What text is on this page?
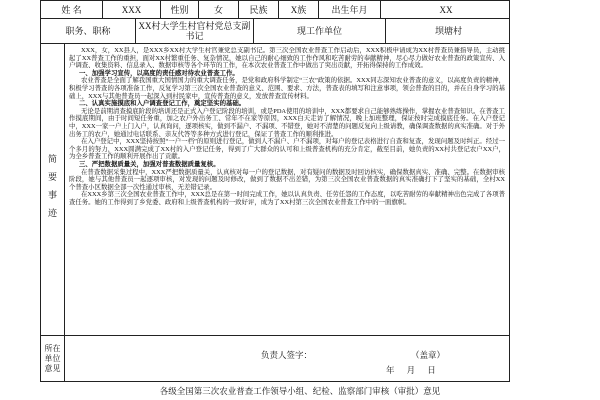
姓 名	XXX	性别	女	民族	X族	出生年月	XX
职务、职称	XX村大学生村官村党总支副书记	现工作单位	坝塘村
简要事迹

XXX，女，XX县人，是XXX乡XX村大学生村官兼党总支副书记。第三次全国农业普查工作启动后，XXX积极申请成为XX村普查员兼指导员，主动挑起了XX普查工作的重担，面对XX村繁重任务、复杂情况，她以自己的耐心细致的工作作风和吃苦耐劳的奉献精神，尽心尽力做好农业普查的政策宣传、入户调查、收集资料、信息录入、数据审核等各个环节的工作，在本次农业普查工作中做出了突出贡献，开拓得保持的工作成效。

一、加强学习宣传，以高度的责任感对待农业普查工作。

农业普查是全面了解我国重大国情国力的重大调查任务，是党和政府科学制定“三农”政策的依据。XXX同志深知农业普查的意义，以高度负责的精神，积极学习普查的各项准备工作，反复学习第三次全国农业普查的意义、范围、要求、方法，普查表的填写和注意事项，领会普查的目的，并在自身学习的基础上，XXX与其他普查员一起深入到村民家中，宣传普查的意义，发放普查宣传材料。

二、认真实施摸底和入户调查登记工作，奠定坚实的基础。

无论是前期清查摸底阶段的培训还是正式入户登记阶段的培训，或是PDA使用的培训中，XXX都要求自己能够熟练操作，掌握农业普查知识。在普查工作摸底期间，由于时间短任务重，加之农户外出务工、常年不在家等原因，XXX白天走访了解情况，晚上加班整理，保证按时完成摸底任务。在入户登记中，XXX一家一户上门入户，认真询问，逐项核实，做到不漏户、不漏项、不错登，她对不清楚的问题反复向上级请教，确保调查数据的真实准确。对于外出务工的农户，她通过电话联系、亲友代答等多种方式进行登记，保证了普查工作的顺利推进。

在入户登记中，XXX坚持按照“一户一档”的原则进行登记，做到人不漏户、户不漏项，对每户的登记表格进行自查和复查，发现问题及时纠正。经过一个多月的努力，XXX圆满完成了XX村的入户登记任务，得到了广大群众的认可和上级普查机构的充分肯定，截至目前，她负责的XX村共登记农户XX户，为全乡普查工作的顺利开展作出了贡献。

三、严把数据质量关，加强对普查数据质量复核。

在普查数据采集过程中，XXX严把数据质量关，认真核对每一户的登记数据，对有疑问的数据及时回访核实，确保数据真实、准确、完整。在数据审核阶段，她与其他普查员一起逐项审核，对发现的问题及时修改，做到了数据不出差错，为第三次全国农业普查数据的真实准确打下了坚实的基础，全村XX个普查小区数据全部一次性通过审核，无差错记录。

在XXX乡第三次全国农业普查工作中，XXX总是在第一时间完成工作，她以认真负责、任劳任怨的工作态度，以吃苦耐劳的奉献精神出色完成了各项普查任务。她的工作得到了乡党委、政府和上级普查机构的一致好评，成为了XX村第三次全国农业普查工作中的一面旗帜。

所在单位意见
负责人签字：	（盖章）
年 月 日
各级全国第三次农业普查工作领导小组、纪检、监察部门审核（审批）意见
